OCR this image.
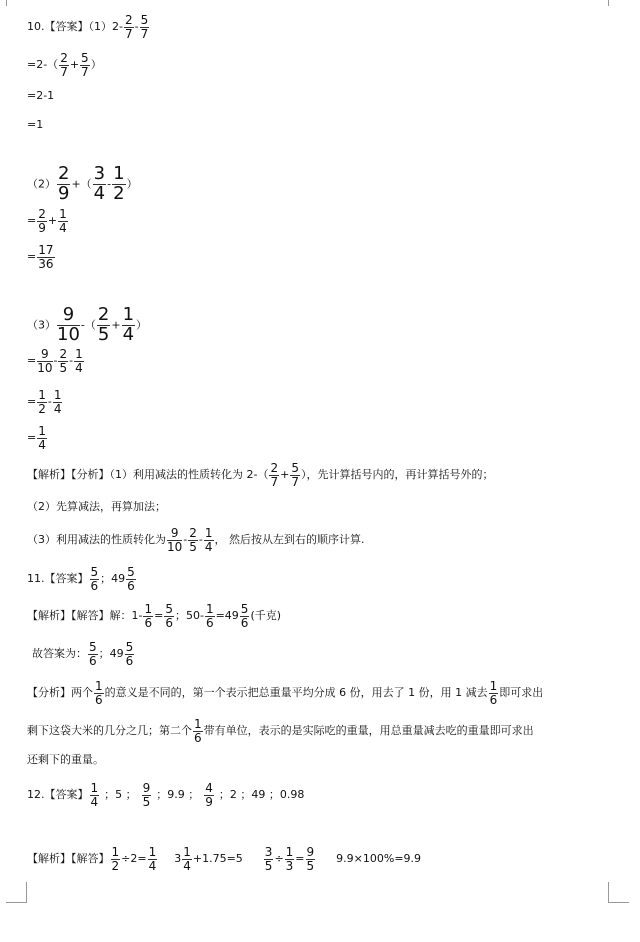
10.【答案】$(1)2- \frac{2}{7} - \frac{5}{7}$
$=2-( \frac{2}{7} + \frac{5}{7}$ ）
=2-1
=1
$(2) \frac{2}{9}$ +（ $\frac{3}{4} - \frac{1}{2}$ ）
= $\frac{2}{9} + \frac{1}{4}$
= $\frac{17}{36}$
$(3) \frac{9}{10}$ -（ $\frac{2}{5} + \frac{1}{4}$ ）
= $\frac{9}{10} - \frac{2}{5} - \frac{1}{4}$
= $\frac{1}{2} - \frac{1}{4}$
= $\frac{1}{4}$
【解析】【分析】（1）利用减法的性质转化为 $2-( \frac{2}{7} + \frac{5}{7}$ ），先计算括号内的，再计算括号外的；
（2）先算减法，再算加法；
（3）利用减法的性质转化为 $\frac{9}{10} - \frac{2}{5} - \frac{1}{4}$ ， 然后按从左到右的顺序计算.
11.【答案】 $\frac{5}{6}$ ；$49 \frac{5}{6}$
【解析】【解答】解：$1- \frac{1}{6} = \frac{5}{6}$ ；$50- \frac{1}{6} =49 \frac{5}{6}$ (千克)
故答案为： $\frac{5}{6}$ ；$49 \frac{5}{6}$
【分析】两个 $\frac{1}{6}$ 的意义是不同的，第一个表示把总重量平均分成 6 份，用去了 1 份，用 1 减去 $\frac{1}{6}$ 即可求出
剩下这袋大米的几分之几；第二个 $\frac{1}{6}$ 带有单位，表示的是实际吃的重量，用总重量减去吃的重量即可求出
还剩下的重量。
12.【答案】 $\frac{1}{4}$ ；5 ； $\frac{9}{5}$ ；9.9 ； $\frac{4}{9}$ ；2 ；49 ；0.98
【解析】【解答】 $\frac{1}{2} \div 2= \frac{1}{4} 3 \frac{1}{4} +1.75=5 \frac{3}{5} \div \frac{1}{3} = \frac{9}{5} 9.9\times 100\%=9.9$
